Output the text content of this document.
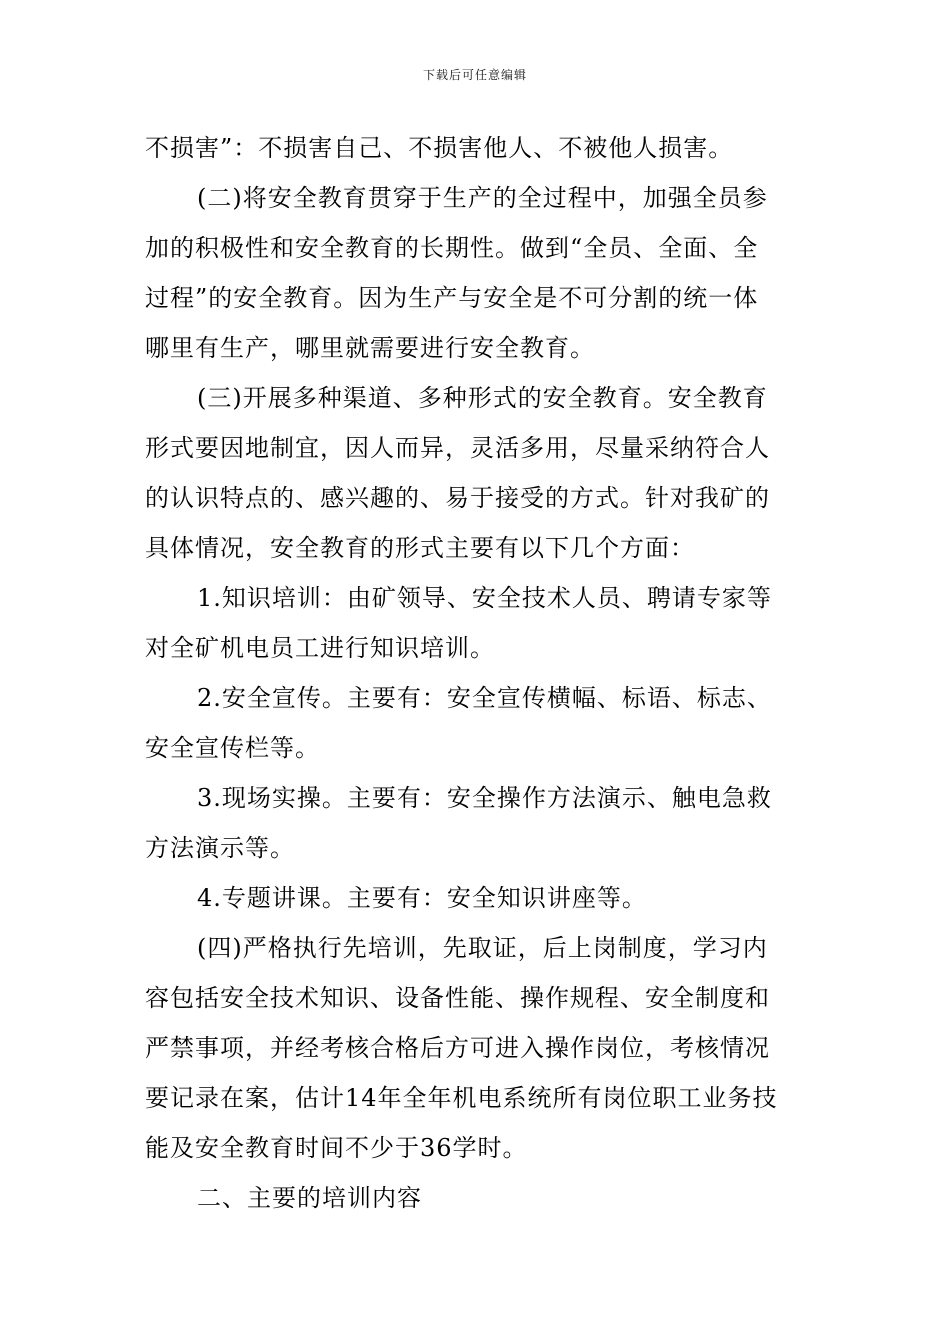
下载后可任意编辑

不损害”：不损害自己、不损害他人、不被他人损害。

(二)将安全教育贯穿于生产的全过程中，加强全员参

加的积极性和安全教育的长期性。做到“全员、全面、全

过程”的安全教育。因为生产与安全是不可分割的统一体

哪里有生产，哪里就需要进行安全教育。

(三)开展多种渠道、多种形式的安全教育。安全教育

形式要因地制宜，因人而异，灵活多用，尽量采纳符合人

的认识特点的、感兴趣的、易于接受的方式。针对我矿的

具体情况，安全教育的形式主要有以下几个方面：

1.知识培训：由矿领导、安全技术人员、聘请专家等

对全矿机电员工进行知识培训。

2.安全宣传。主要有：安全宣传横幅、标语、标志、

安全宣传栏等。

3.现场实操。主要有：安全操作方法演示、触电急救

方法演示等。

4.专题讲课。主要有：安全知识讲座等。

(四)严格执行先培训，先取证，后上岗制度，学习内

容包括安全技术知识、设备性能、操作规程、安全制度和

严禁事项，并经考核合格后方可进入操作岗位，考核情况

要记录在案，估计14年全年机电系统所有岗位职工业务技

能及安全教育时间不少于36学时。

二、主要的培训内容
